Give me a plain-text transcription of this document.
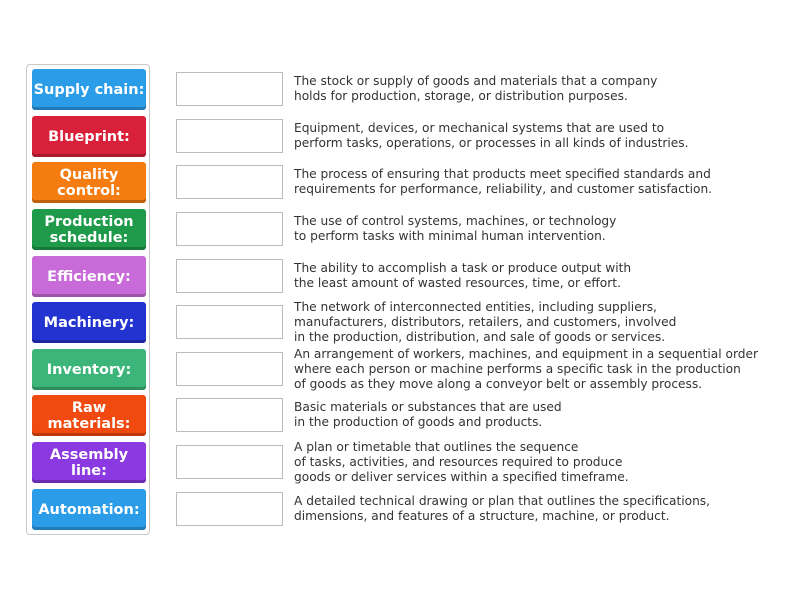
Supply chain:
The stock or supply of goods and materials that a company
holds for production, storage, or distribution purposes.
Blueprint:
Equipment, devices, or mechanical systems that are used to
perform tasks, operations, or processes in all kinds of industries.
Quality control:
The process of ensuring that products meet specified standards and
requirements for performance, reliability, and customer satisfaction.
Production schedule:
The use of control systems, machines, or technology
to perform tasks with minimal human intervention.
Efficiency:
The ability to accomplish a task or produce output with
the least amount of wasted resources, time, or effort.
Machinery:
The network of interconnected entities, including suppliers,
manufacturers, distributors, retailers, and customers, involved
in the production, distribution, and sale of goods or services.
Inventory:
An arrangement of workers, machines, and equipment in a sequential order
where each person or machine performs a specific task in the production
of goods as they move along a conveyor belt or assembly process.
Raw materials:
Basic materials or substances that are used
in the production of goods and products.
Assembly line:
A plan or timetable that outlines the sequence
of tasks, activities, and resources required to produce
goods or deliver services within a specified timeframe.
Automation:
A detailed technical drawing or plan that outlines the specifications,
dimensions, and features of a structure, machine, or product.
